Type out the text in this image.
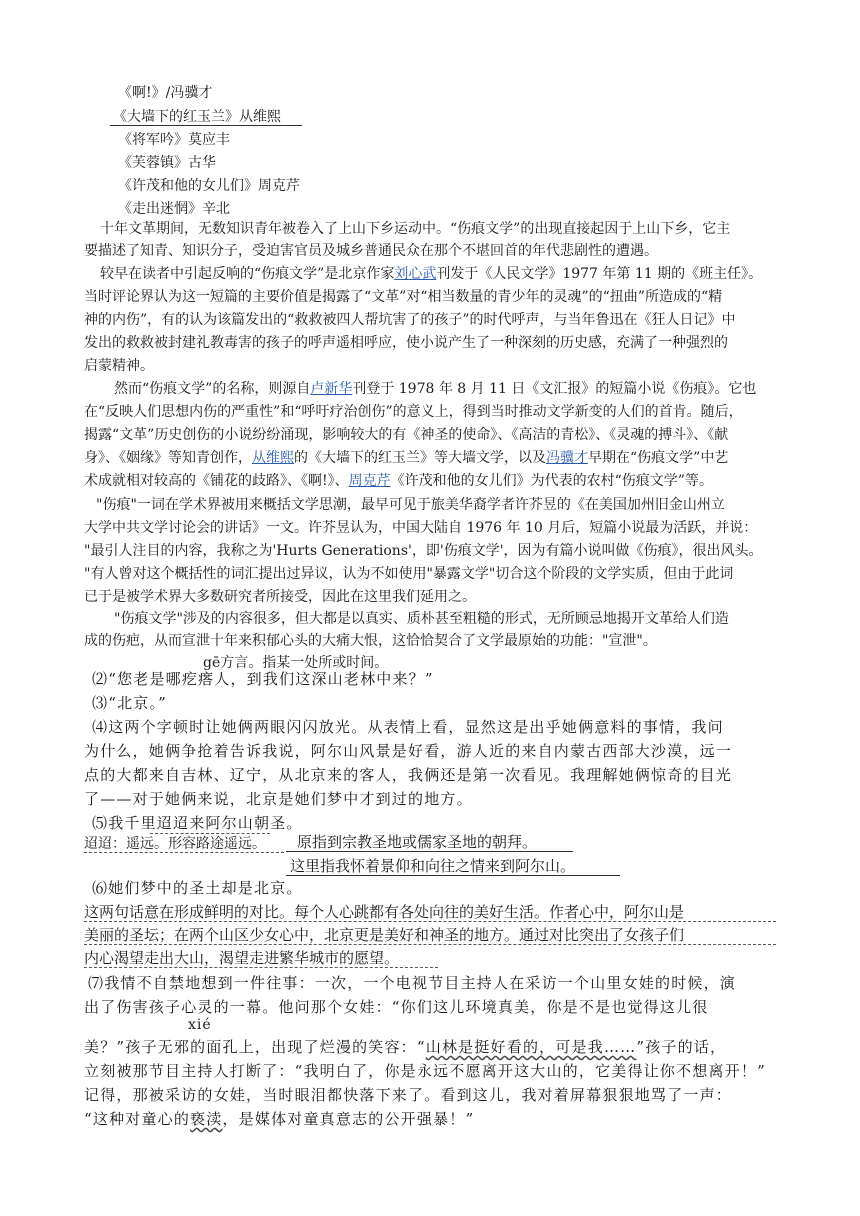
《啊!》/冯骥才
《大墙下的红玉兰》从维熙
《将军吟》莫应丰
《芙蓉镇》古华
《许茂和他的女儿们》周克芹
《走出迷惘》辛北
十年文革期间，无数知识青年被卷入了上山下乡运动中。“伤痕文学”的出现直接起因于上山下乡，它主
要描述了知青、知识分子，受迫害官员及城乡普通民众在那个不堪回首的年代悲剧性的遭遇。
较早在读者中引起反响的“伤痕文学”是北京作家刘心武刊发于《人民文学》1977 年第 11 期的《班主任》。
当时评论界认为这一短篇的主要价值是揭露了“文革”对“相当数量的青少年的灵魂”的“扭曲”所造成的“精
神的内伤”，有的认为该篇发出的“救救被四人帮坑害了的孩子”的时代呼声，与当年鲁迅在《狂人日记》中
发出的救救被封建礼教毒害的孩子的呼声遥相呼应，使小说产生了一种深刻的历史感，充满了一种强烈的
启蒙精神。
然而“伤痕文学”的名称，则源自卢新华刊登于 1978 年 8 月 11 日《文汇报》的短篇小说《伤痕》。它也
在“反映人们思想内伤的严重性”和“呼吁疗治创伤”的意义上，得到当时推动文学新变的人们的首肯。随后，
揭露“文革”历史创伤的小说纷纷涌现，影响较大的有《神圣的使命》、《高洁的青松》、《灵魂的搏斗》、《献
身》、《姻缘》等知青创作，从维熙的《大墙下的红玉兰》等大墙文学，以及冯骥才早期在“伤痕文学”中艺
术成就相对较高的《铺花的歧路》、《啊!》、周克芹《许茂和他的女儿们》为代表的农村“伤痕文学”等。
"伤痕"一词在学术界被用来概括文学思潮，最早可见于旅美华裔学者许芥昱的《在美国加州旧金山州立
大学中共文学讨论会的讲话》一文。许芥昱认为，中国大陆自 1976 年 10 月后，短篇小说最为活跃，并说：
"最引人注目的内容，我称之为'Hurts Generations'，即'伤痕文学'，因为有篇小说叫做《伤痕》，很出风头。
"有人曾对这个概括性的词汇提出过异议，认为不如使用"暴露文学"切合这个阶段的文学实质，但由于此词
已于是被学术界大多数研究者所接受，因此在这里我们延用之。
"伤痕文学"涉及的内容很多，但大都是以真实、质朴甚至粗糙的形式，无所顾忌地揭开文革给人们造
成的伤疤，从而宣泄十年来积郁心头的大痛大恨，这恰恰契合了文学最原始的功能："宣泄"。
gē方言。指某一处所或时间。
⑵“您老是哪疙瘩人，到我们这深山老林中来？”
⑶“北京。”
⑷这两个字顿时让她俩两眼闪闪放光。从表情上看，显然这是出乎她俩意料的事情，我问
为什么，她俩争抢着告诉我说，阿尔山风景是好看，游人近的来自内蒙古西部大沙漠，远一
点的大都来自吉林、辽宁，从北京来的客人，我俩还是第一次看见。我理解她俩惊奇的目光
了——对于她俩来说，北京是她们梦中才到过的地方。
⑸我千里迢迢来阿尔山朝圣。
迢迢：遥远。形容路途遥远。 原指到宗教圣地或儒家圣地的朝拜。
这里指我怀着景仰和向往之情来到阿尔山。
⑹她们梦中的圣土却是北京。
这两句话意在形成鲜明的对比。每个人心跳都有各处向往的美好生活。作者心中，阿尔山是
美丽的圣坛；在两个山区少女心中，北京更是美好和神圣的地方。通过对比突出了女孩子们
内心渴望走出大山，渴望走进繁华城市的愿望。
⑺我情不自禁地想到一件往事：一次，一个电视节目主持人在采访一个山里女娃的时候，演
出了伤害孩子心灵的一幕。他问那个女娃：“你们这儿环境真美，你是不是也觉得这儿很
xié
美？”孩子无邪的面孔上，出现了烂漫的笑容：“山林是挺好看的，可是我……”孩子的话，
立刻被那节目主持人打断了：“我明白了，你是永远不愿离开这大山的，它美得让你不想离开！”
记得，那被采访的女娃，当时眼泪都快落下来了。看到这儿，我对着屏幕狠狠地骂了一声：
“这种对童心的亵渎，是媒体对童真意志的公开强暴！”
